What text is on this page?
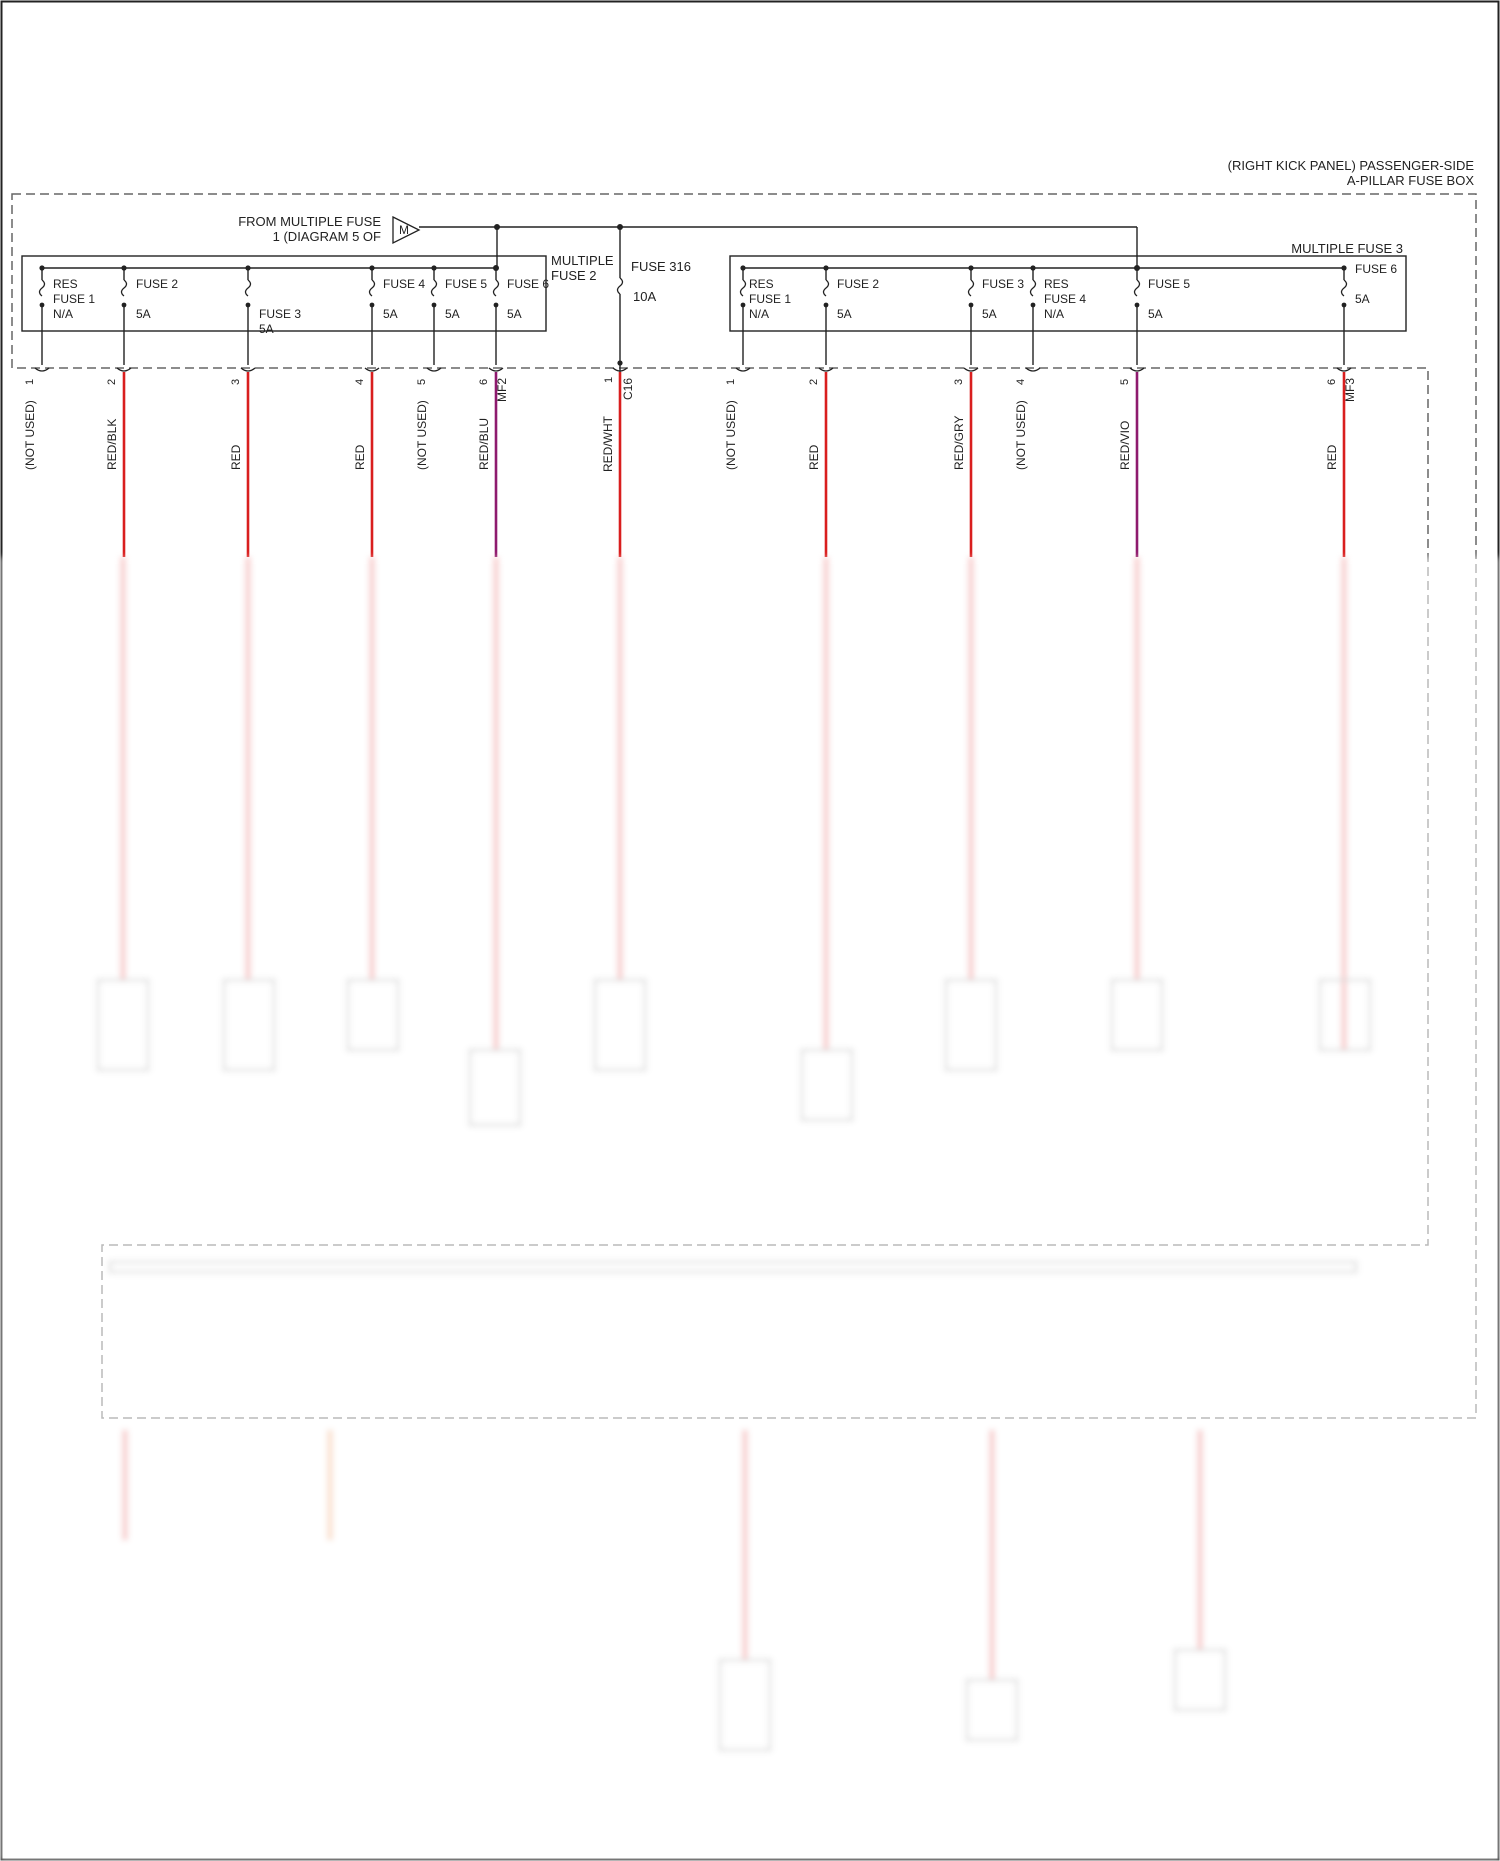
(RIGHT KICK PANEL) PASSENGER-SIDE
A-PILLAR FUSE BOX
FROM MULTIPLE FUSE
1 (DIAGRAM 5 OF M
MULTIPLE
FUSE 2
RES
FUSE 1
N/A
1
(NOT USED)
FUSE 2
5A
2
RED/BLK
FUSE 3
5A
3
RED
FUSE 4
5A
4
RED
FUSE 5
5A
5
(NOT USED)
FUSE 6
5A
6
RED/BLU
MF2
FUSE 316
10A
1 C16
RED/WHT
MULTIPLE FUSE 3
RES
FUSE 1
N/A
1
(NOT USED)
FUSE 2
5A
2
RED
FUSE 3
5A
3
RED/GRY
RES
FUSE 4
N/A
4
(NOT USED)
FUSE 5
5A
5
RED/VIO
FUSE 6
5A
6
RED
MF3
